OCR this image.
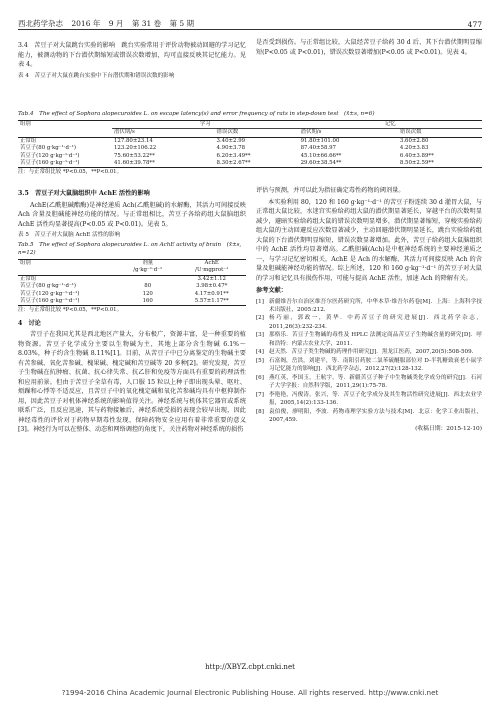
西北药学杂志 2016 年 9 月 第 31 卷 第 5 期	477

3.4　苦豆子对大鼠跳台实验的影响　跳台实验常用于评价动物被动回避的学习记忆能力，被测动物的下台潜伏期缩短或错误次数增加，均可直接反映其记忆能力。见表 4。

表 4　苦豆子对大鼠在跳台实验中下台潜伏期和错误次数的影响

是否受到损伤。与正常组比较，大鼠经苦豆子给药 30 d 后，其下台潜伏期明显缩短(P<0.05 或 P<0.01)，错误次数显著增加(P<0.05 或 P<0.01)。见表 4。

Tab.4　The effect of Sophora alopecuroides L. on escape latency(s) and error frequency of rats in step-down test　(x̄±s, n=6)
组别	学习		记忆	
	潜伏期/s	错误次数	潜伏期/s	错误次数
正常组	127.80±23.14	3.40±2.99	91.80±101.00	3.60±2.80
苦豆子(80 g·kg⁻¹·d⁻¹)	123.20±106.22	4.90±3.78	87.40±58.97	4.20±3.83
苦豆子(120 g·kg⁻¹·d⁻¹)	75.60±53.22**	6.20±3.49**	45.10±66.66**	6.40±3.89**
苦豆子(160 g·kg⁻¹·d⁻¹)	41.60±39.78**	8.30±2.67**	29.60±38.54**	8.50±2.59**
注：与正常组比较 *P<0.05，**P<0.01。
3.5　苦豆子对大鼠脑组织中 AchE 活性的影响

AchE(乙酰胆碱酯酶)是神经递质 Ach(乙酰胆碱)的水解酶，其活力可间接反映 Ach 含量及胆碱能神经功能的情况。与正常组相比，苦豆子各给药组大鼠脑组织 AchE 活性均显著提高(P<0.05 或 P<0.01)。见表 5。

表 5　苦豆子对大鼠脑 AchE 活性的影响
Tab.5　The effect of Sophora alopecuroides L. on AchE activity of brain　(x̄±s, n=12)
组别	剂量	AchE
	/g·kg⁻¹·d⁻¹	/U·mgprot⁻¹
正常组		3.42±1.12
苦豆子(80 g·kg⁻¹·d⁻¹)	80	3.98±0.47*
苦豆子(120 g·kg⁻¹·d⁻¹)	120	4.17±0.91**
苦豆子(160 g·kg⁻¹·d⁻¹)	160	5.57±1.17**
注：与正常组比较 *P<0.05，**P<0.01。
4　讨论

苦豆子在我国尤其是西北地区产量大，分布极广，资源丰富，是一种重要的植物资源。苦豆子化学成分主要以生物碱为主，其地上部分含生物碱 6.1%～8.03%，种子约含生物碱 8.11%[1]。目前，从苦豆子中已分离鉴定的生物碱主要有苦参碱、氧化苦参碱、槐果碱、槐定碱和苦豆碱等 20 多种[2]。研究发现，苦豆子生物碱在抗肿瘤、抗菌、抗心律失常、抗乙肝和免疫等方面具有重要的药理活性和应用前景。但由于苦豆子全草有毒，人口服 15 粒以上种子即出现头晕、呕吐、烦躁和心悸等不适反应，且苦豆子中的氧化槐定碱和氧化苦参碱均具有中枢抑制作用，因此苦豆子对机体神经系统的影响值得关注。神经系统与机体其它器官或系统联系广泛，且反应迅速，其与药物接触后，神经系统受损的表现会较早出现，因此神经毒性的评价对于药物早期毒性发现、保障药物安全应用有着非常重要的意义[3]。神经行为可以在整体、动态和网络调控的角度下，关注药物对神经系统的损伤

评估与预测，并可以此为指征确定毒性药物的阈剂量。

本实验利用 80，120 和 160 g·kg⁻¹·d⁻¹ 的苦豆子粉连续 30 d 灌胃大鼠，与正常组大鼠比较，水迷宫实验给药组大鼠的潜伏期显著延长，穿越平台的次数明显减少，避暗实验给药组大鼠的错误次数明显增多，潜伏期显著缩短，穿梭实验给药组大鼠的主动回避反应次数显著减少，主动回避潜伏期明显延长，跳台实验给药组大鼠的下台潜伏期明显缩短，错误次数显著增加。此外，苦豆子给药组大鼠脑组织中的 AchE 活性均显著增高。乙酰胆碱(Ach)是中枢神经系统的主要神经递质之一，与学习记忆密切相关，AchE 是 Ach 的水解酶，其活力可间接反映 Ach 的含量及胆碱能神经功能的情况。综上所述，120 和 160 g·kg⁻¹·d⁻¹ 的苦豆子对大鼠的学习和记忆具有损伤作用，可能与提高 AchE 活性，加速 Ach 的降解有关。

参考文献：
[1] 新疆维吾尔自治区维吾尔医药研究所，中华本草·维吾尔药卷[M]．上海：上海科学技术出版社，2005:212.
[2] 杨巧丽，郭政一，黄华．中药苦豆子的研究进展[J]．西北药学杂志，2011,26(3):232-234.
[3] 那格乐．苦豆子生物碱的毒性及 HPLC 法测定商品苦豆子生物碱含量的研究[D]．呼和浩特：内蒙古农业大学，2011.
[4] 赵天然．苦豆子类生物碱的药理作用研究[J]．黑龙江医药，2007,20(5):508-509.
[5] 石富阁，岳洪，刘建平，等．南阳引药胺二氯苯硫醚服部位对 D-半乳糖致衰老小鼠学习记忆能力的影响[J]．西北药学杂志，2012,27(2):128-132.
[6] 燕红英，李国玉，王航宇，等．新疆苦豆子种子中生物碱类化学成分的研究[J]．石河子大学学报：自然科学版，2011,29(1):75-78.
[7] 李艳艳，冯俊涛，张兴，等．苦豆子化学成分及其生物活性研究进展[J]．西北农业学报，2005,14(2):133-136.
[8] 袁伯俊，廖明阳，李波．药物毒理学实验方法与技术[M]．北京：化学工业出版社，2007,459.
(收稿日期：2015-12-10)
http://XBYZ.cbpt.cnki.net
?1994-2016 China Academic Journal Electronic Publishing House. All rights reserved. http://www.cnki.net
